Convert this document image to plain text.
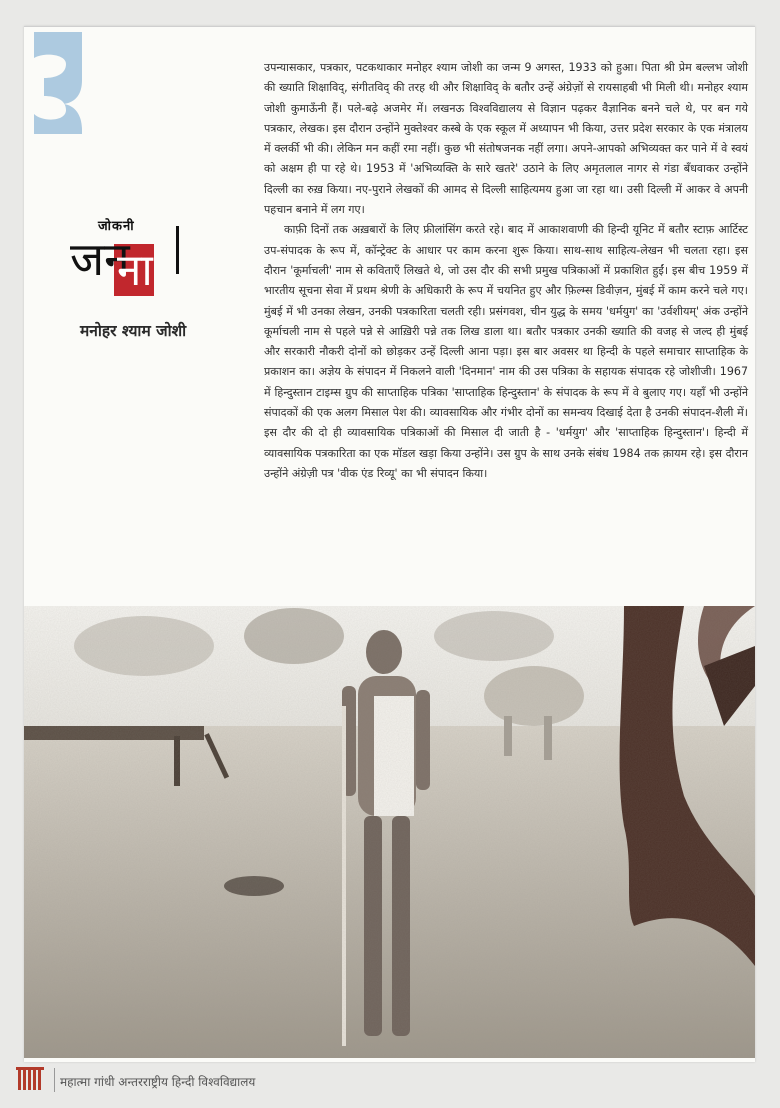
जोकनी
जन
ना
मनोहर श्याम जोशी

उपन्यासकार, पत्रकार, पटकथाकार मनोहर श्याम जोशी का जन्म 9 अगस्त, 1933 को हुआ। पिता श्री प्रेम बल्लभ जोशी की ख्याति शिक्षाविद्, संगीतविद् की तरह थी और शिक्षाविद् के बतौर उन्हें अंग्रेज़ों से रायसाहबी भी मिली थी। मनोहर श्याम जोशी कुमाऊँनी हैं। पले-बढ़े अजमेर में। लखनऊ विश्वविद्यालय से विज्ञान पढ़कर वैज्ञानिक बनने चले थे, पर बन गये पत्रकार, लेखक। इस दौरान उन्होंने मुक्तेश्वर कस्बे के एक स्कूल में अध्यापन भी किया, उत्तर प्रदेश सरकार के एक मंत्रालय में क्लर्की भी की। लेकिन मन कहीं रमा नहीं। कुछ भी संतोषजनक नहीं लगा। अपने-आपको अभिव्यक्त कर पाने में वे स्वयं को अक्षम ही पा रहे थे। 1953 में 'अभिव्यक्ति के सारे खतरे' उठाने के लिए अमृतलाल नागर से गंडा बँधवाकर उन्होंने दिल्ली का रुख़ किया। नए-पुराने लेखकों की आमद से दिल्ली साहित्यमय हुआ जा रहा था। उसी दिल्ली में आकर वे अपनी पहचान बनाने में लग गए।

काफ़ी दिनों तक अख़बारों के लिए फ्रीलांसिंग करते रहे। बाद में आकाशवाणी की हिन्दी यूनिट में बतौर स्टाफ़ आर्टिस्ट उप-संपादक के रूप में, कॉन्ट्रेक्ट के आधार पर काम करना शुरू किया। साथ-साथ साहित्य-लेखन भी चलता रहा। इस दौरान 'कूर्माचली' नाम से कविताएँ लिखते थे, जो उस दौर की सभी प्रमुख पत्रिकाओं में प्रकाशित हुईं। इस बीच 1959 में भारतीय सूचना सेवा में प्रथम श्रेणी के अधिकारी के रूप में चयनित हुए और फ़िल्म्स डिवीज़न, मुंबई में काम करने चले गए। मुंबई में भी उनका लेखन, उनकी पत्रकारिता चलती रही। प्रसंगवश, चीन युद्ध के समय 'धर्मयुग' का 'उर्वशीयम्' अंक उन्होंने कूर्माचली नाम से पहले पन्ने से आख़िरी पन्ने तक लिख डाला था। बतौर पत्रकार उनकी ख्याति की वजह से जल्द ही मुंबई और सरकारी नौकरी दोनों को छोड़कर उन्हें दिल्ली आना पड़ा। इस बार अवसर था हिन्दी के पहले समाचार साप्ताहिक के प्रकाशन का। अज्ञेय के संपादन में निकलने वाली 'दिनमान' नाम की उस पत्रिका के सहायक संपादक रहे जोशीजी। 1967 में हिन्दुस्तान टाइम्स ग्रुप की साप्ताहिक पत्रिका 'साप्ताहिक हिन्दुस्तान' के संपादक के रूप में वे बुलाए गए। यहाँ भी उन्होंने संपादकों की एक अलग मिसाल पेश की। व्यावसायिक और गंभीर दोनों का समन्वय दिखाई देता है उनकी संपादन-शैली में। इस दौर की दो ही व्यावसायिक पत्रिकाओं की मिसाल दी जाती है - 'धर्मयुग' और 'साप्ताहिक हिन्दुस्तान'। हिन्दी में व्यावसायिक पत्रकारिता का एक मॉडल खड़ा किया उन्होंने। उस ग्रुप के साथ उनके संबंध 1984 तक क़ायम रहे। इस दौरान उन्होंने अंग्रेज़ी पत्र 'वीक एंड रिव्यू' का भी संपादन किया।

महात्मा गांधी अन्तरराष्ट्रीय हिन्दी विश्वविद्यालय
